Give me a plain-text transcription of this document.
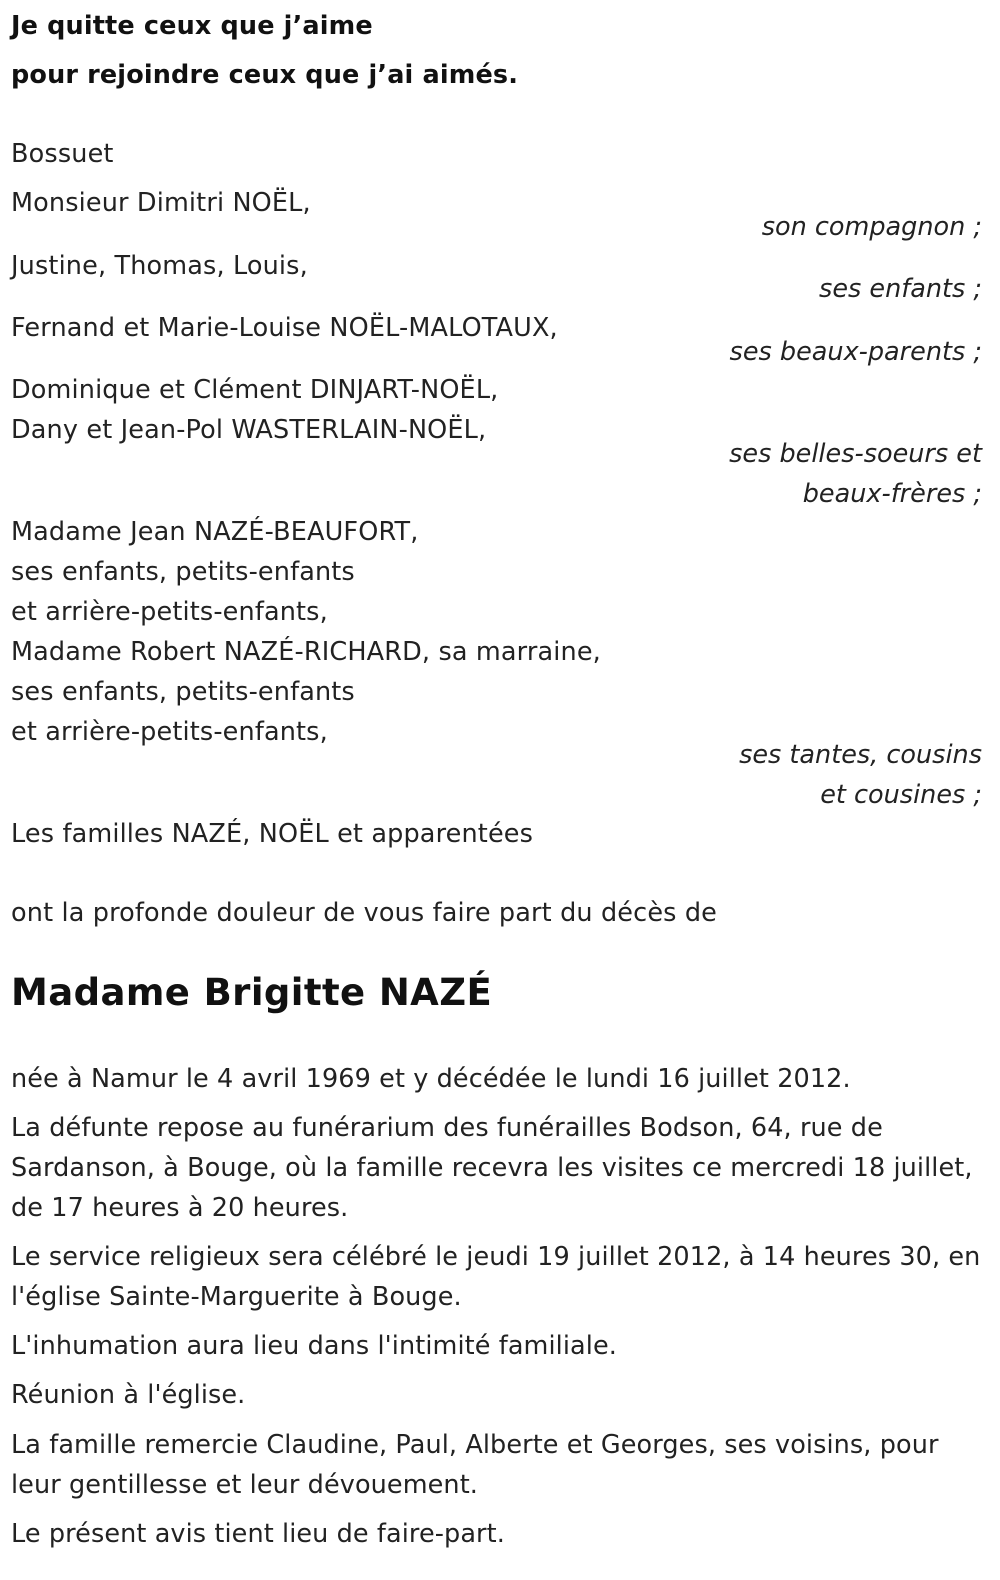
Je quitte ceux que j’aime
pour rejoindre ceux que j’ai aimés.
Bossuet
Monsieur Dimitri NOËL,
son compagnon ;
Justine, Thomas, Louis,
ses enfants ;
Fernand et Marie-Louise NOËL-MALOTAUX,
ses beaux-parents ;
Dominique et Clément DINJART-NOËL,
Dany et Jean-Pol WASTERLAIN-NOËL,
ses belles-soeurs et
beaux-frères ;
Madame Jean NAZÉ-BEAUFORT,
ses enfants, petits-enfants
et arrière-petits-enfants,
Madame Robert NAZÉ-RICHARD, sa marraine,
ses enfants, petits-enfants
et arrière-petits-enfants,
ses tantes, cousins
et cousines ;
Les familles NAZÉ, NOËL et apparentées
ont la profonde douleur de vous faire part du décès de
Madame Brigitte NAZÉ
née à Namur le 4 avril 1969 et y décédée le lundi 16 juillet 2012.
La défunte repose au funérarium des funérailles Bodson, 64, rue de Sardanson, à Bouge, où la famille recevra les visites ce mercredi 18 juillet, de 17 heures à 20 heures.
Le service religieux sera célébré le jeudi 19 juillet 2012, à 14 heures 30, en l'église Sainte-Marguerite à Bouge.
L'inhumation aura lieu dans l'intimité familiale.
Réunion à l'église.
La famille remercie Claudine, Paul, Alberte et Georges, ses voisins, pour leur gentillesse et leur dévouement.
Le présent avis tient lieu de faire-part.
